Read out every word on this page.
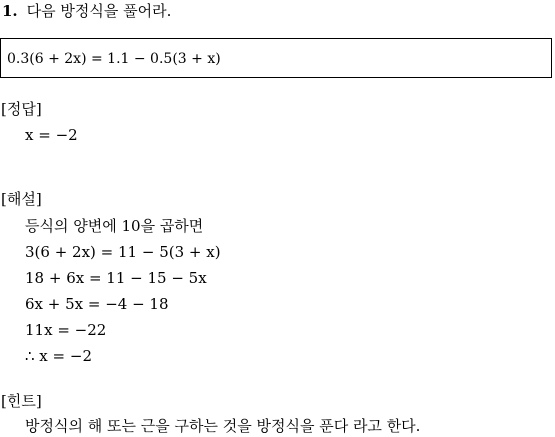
1. 다음 방정식을 풀어라.
0.3(6 + 2x) = 1.1 − 0.5(3 + x)
[정답]
x = −2
[해설]
등식의 양변에 10을 곱하면
3(6 + 2x) = 11 − 5(3 + x)
18 + 6x = 11 − 15 − 5x
6x + 5x = −4 − 18
11x = −22
∴ x = −2
[힌트]
방정식의 해 또는 근을 구하는 것을 방정식을 푼다 라고 한다.
